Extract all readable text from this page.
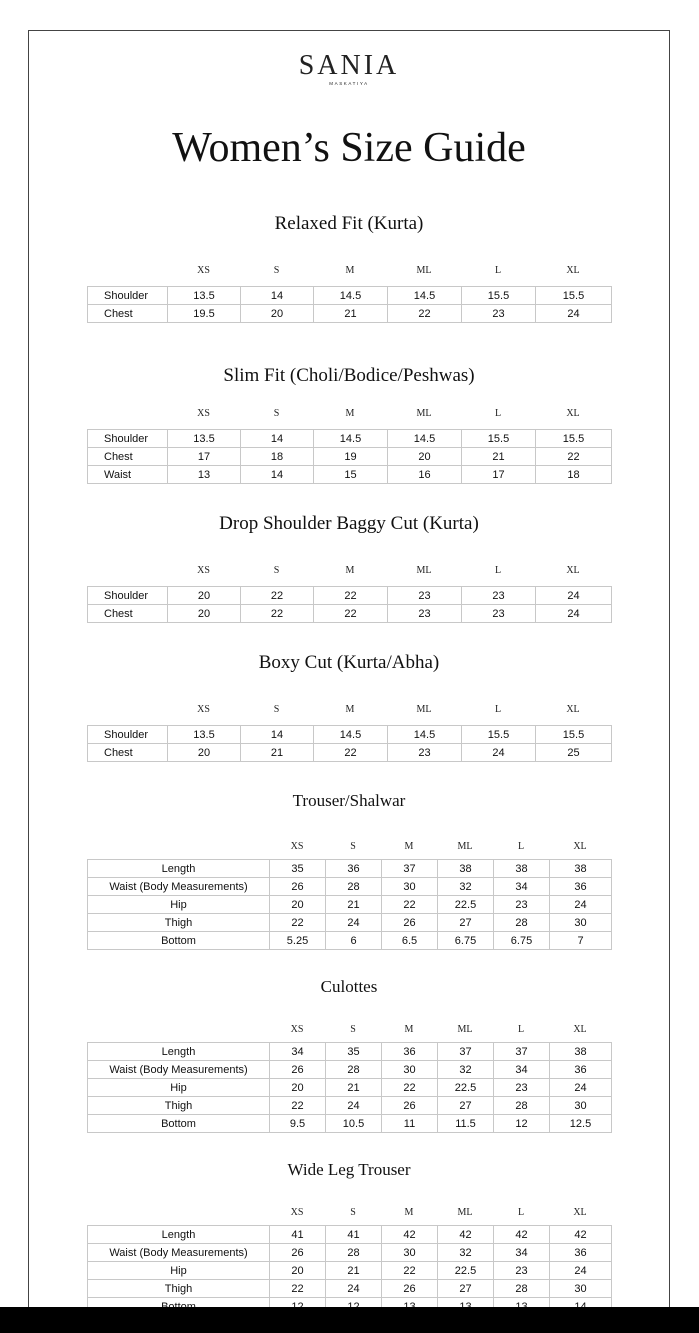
SANIA
MASKATIYA
Women’s Size Guide
Relaxed Fit (Kurta)
XS	S	M	ML	L	XL
Shoulder	13.5	14	14.5	14.5	15.5	15.5
Chest	19.5	20	21	22	23	24
Slim Fit (Choli/Bodice/Peshwas)
XS	S	M	ML	L	XL
Shoulder	13.5	14	14.5	14.5	15.5	15.5
Chest	17	18	19	20	21	22
Waist	13	14	15	16	17	18
Drop Shoulder Baggy Cut (Kurta)
XS	S	M	ML	L	XL
Shoulder	20	22	22	23	23	24
Chest	20	22	22	23	23	24
Boxy Cut (Kurta/Abha)
XS	S	M	ML	L	XL
Shoulder	13.5	14	14.5	14.5	15.5	15.5
Chest	20	21	22	23	24	25
Trouser/Shalwar
XS	S	M	ML	L	XL
Length	35	36	37	38	38	38
Waist (Body Measurements)	26	28	30	32	34	36
Hip	20	21	22	22.5	23	24
Thigh	22	24	26	27	28	30
Bottom	5.25	6	6.5	6.75	6.75	7
Culottes
XS	S	M	ML	L	XL
Length	34	35	36	37	37	38
Waist (Body Measurements)	26	28	30	32	34	36
Hip	20	21	22	22.5	23	24
Thigh	22	24	26	27	28	30
Bottom	9.5	10.5	11	11.5	12	12.5
Wide Leg Trouser
XS	S	M	ML	L	XL
Length	41	41	42	42	42	42
Waist (Body Measurements)	26	28	30	32	34	36
Hip	20	21	22	22.5	23	24
Thigh	22	24	26	27	28	30
